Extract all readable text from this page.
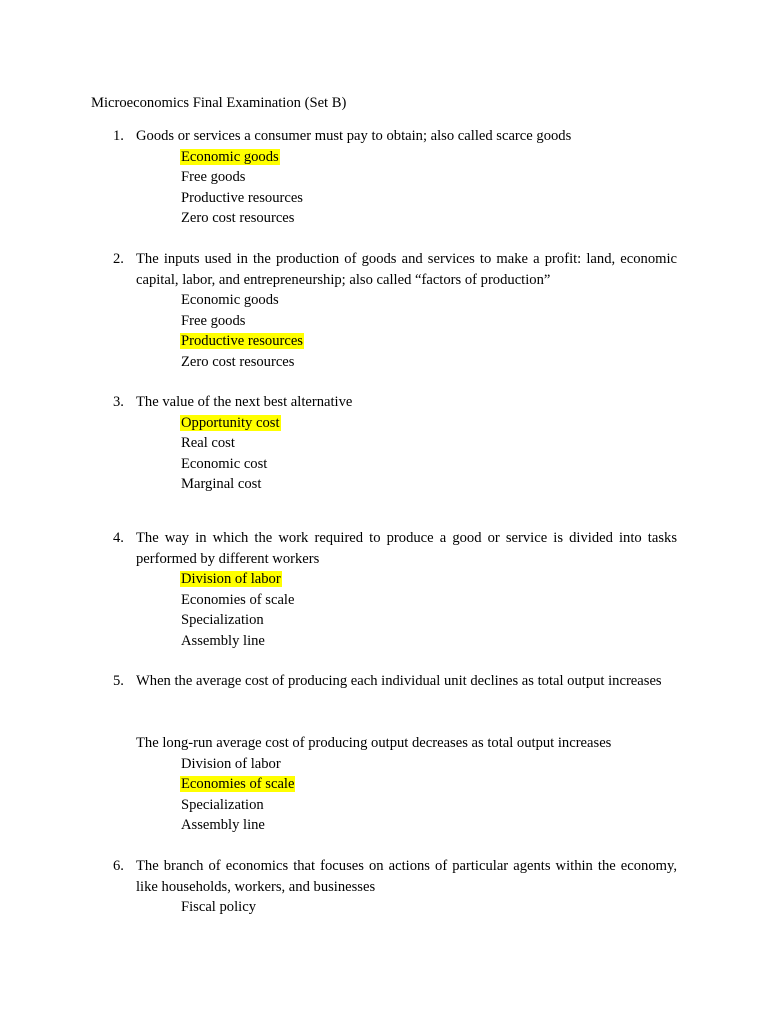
Microeconomics Final Examination (Set B)
1. Goods or services a consumer must pay to obtain; also called scarce goods

Economic goods
Free goods
Productive resources
Zero cost resources
2. The inputs used in the production of goods and services to make a profit: land, economic capital, labor, and entrepreneurship; also called “factors of production”

Economic goods
Free goods
Productive resources
Zero cost resources
3. The value of the next best alternative

Opportunity cost
Real cost
Economic cost
Marginal cost
4. The way in which the work required to produce a good or service is divided into tasks performed by different workers

Division of labor
Economies of scale
Specialization
Assembly line
5. When the average cost of producing each individual unit declines as total output increases

The long-run average cost of producing output decreases as total output increases

Division of labor
Economies of scale
Specialization
Assembly line
6. The branch of economics that focuses on actions of particular agents within the economy, like households, workers, and businesses

Fiscal policy
